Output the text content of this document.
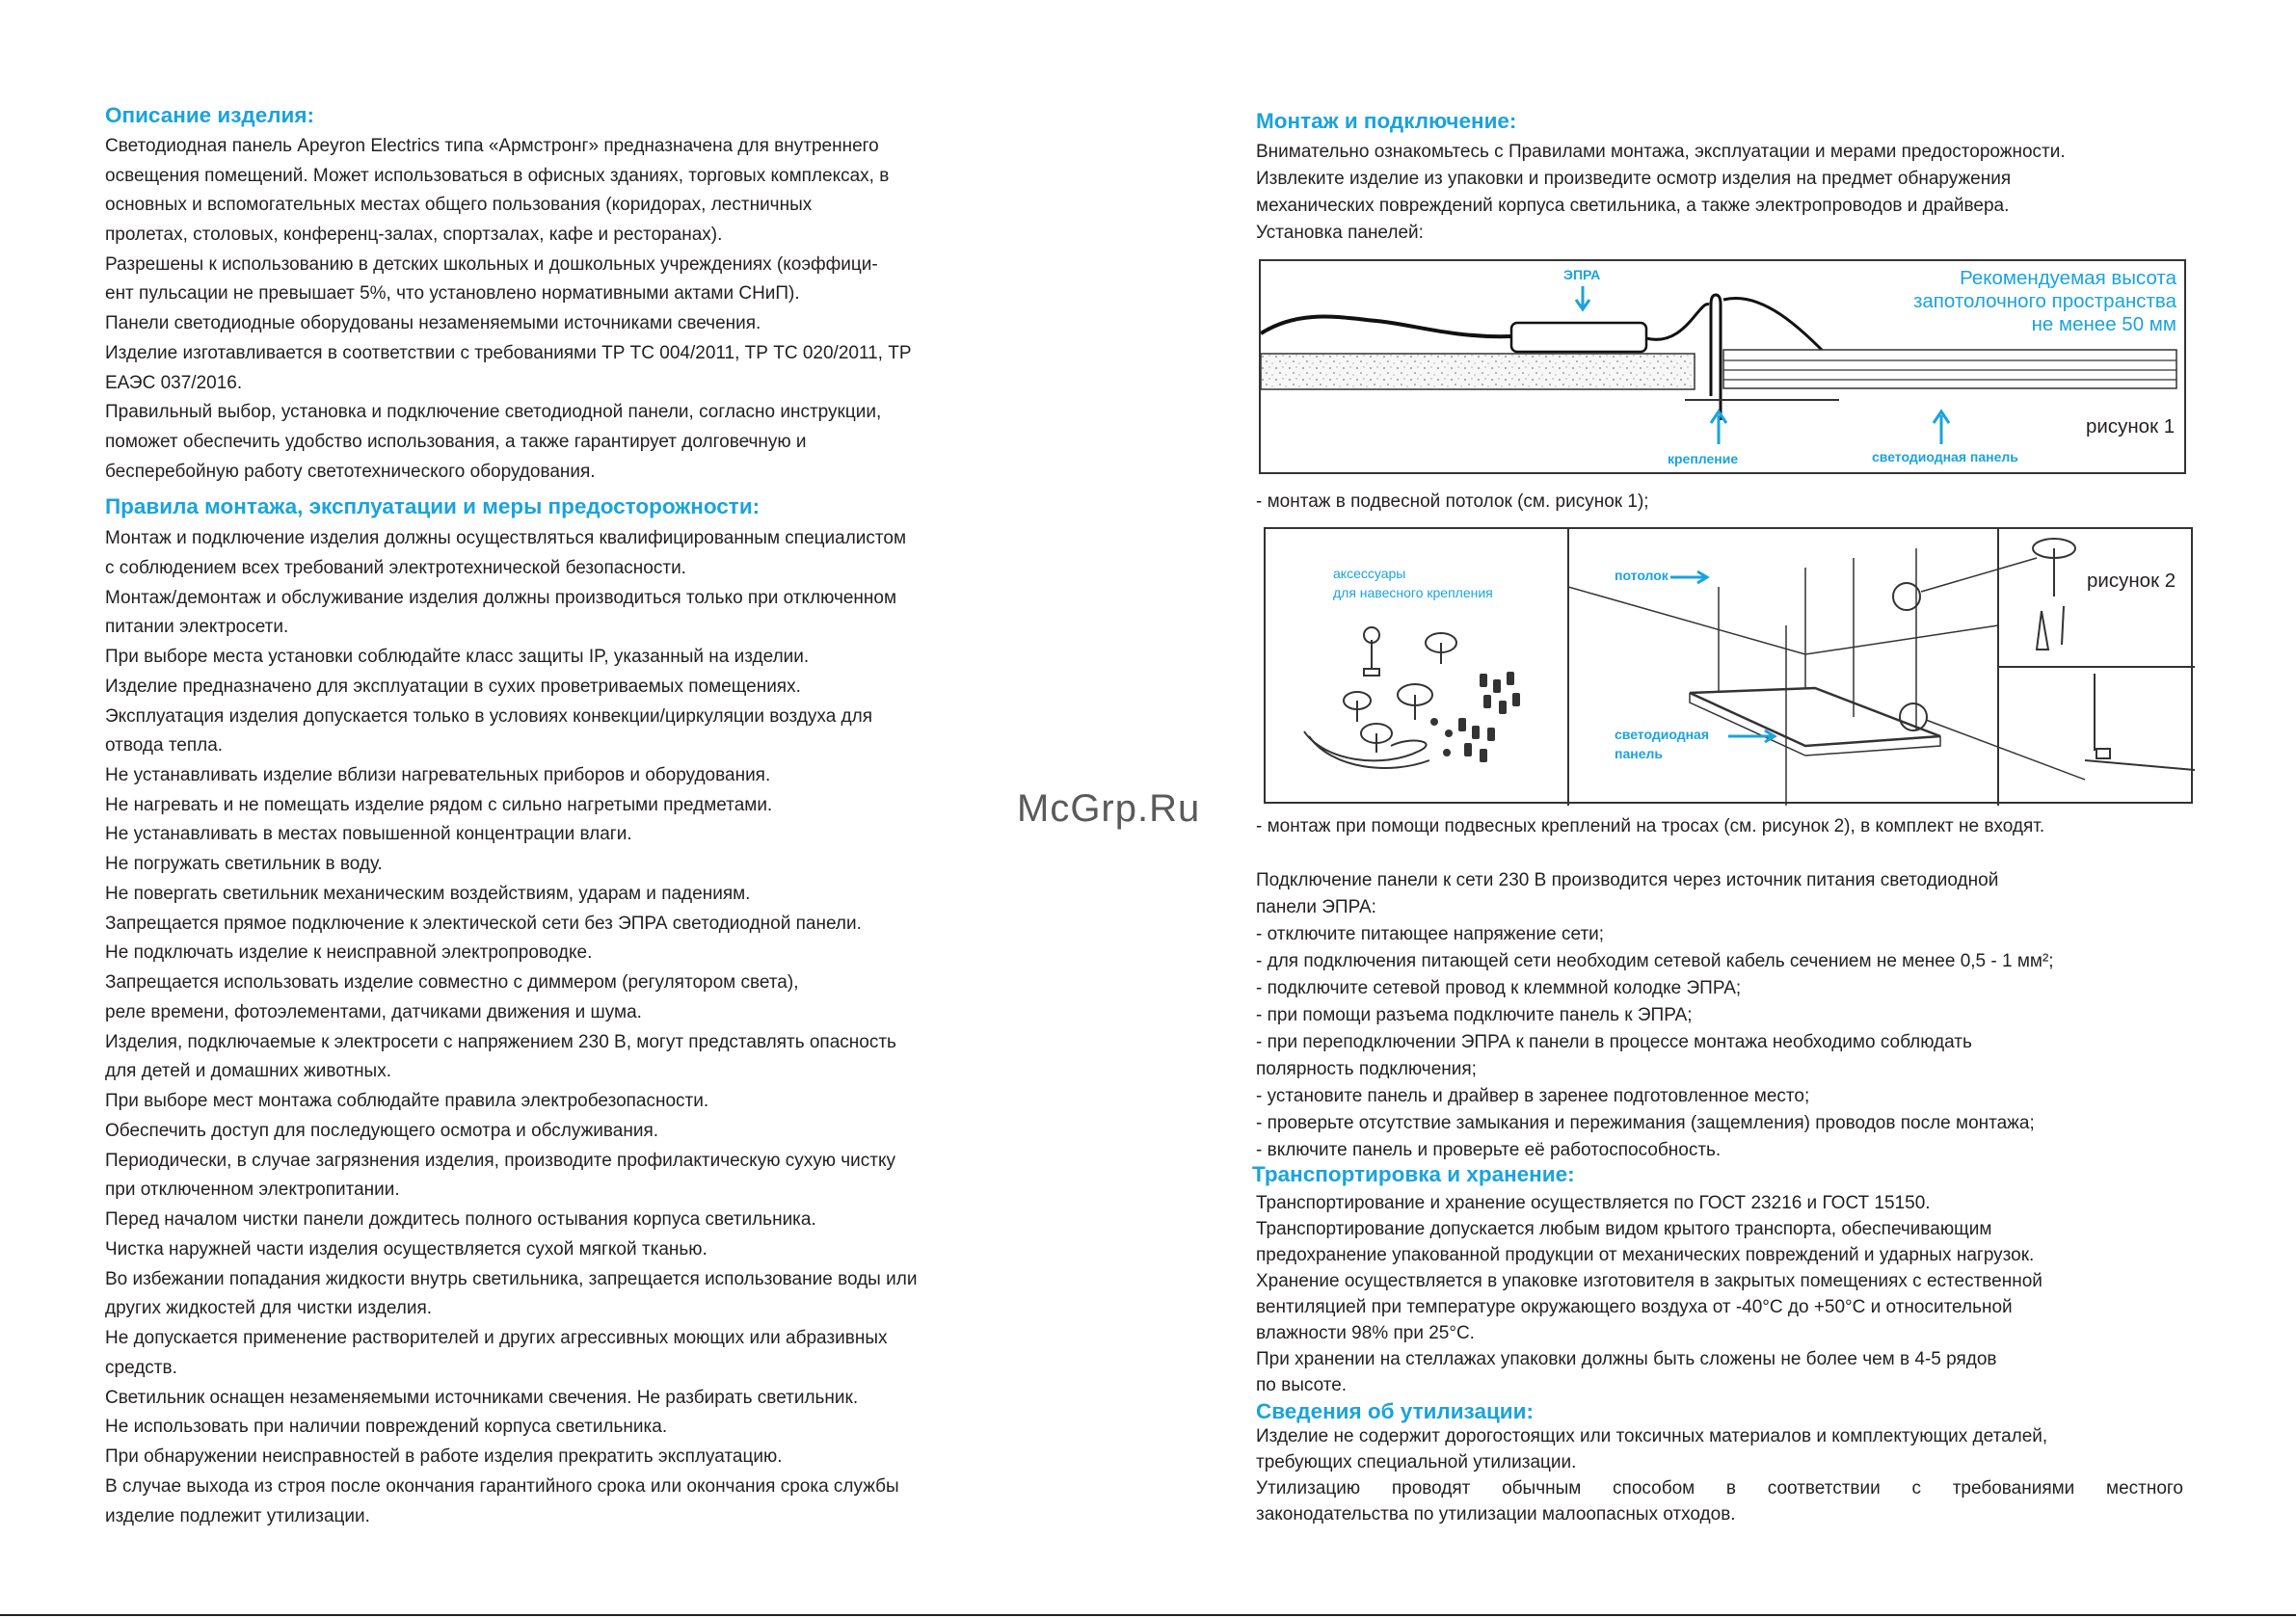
Описание изделия:
Светодиодная панель Apeyron Electrics типа «Армстронг» предназначена для внутреннего
освещения помещений. Может использоваться в офисных зданиях, торговых комплексах, в
основных и вспомогательных местах общего пользования (коридорах, лестничных
пролетах, столовых, конференц-залах, спортзалах, кафе и ресторанах).
Разрешены к использованию в детских школьных и дошкольных учреждениях (коэффици-
ент пульсации не превышает 5%, что установлено нормативными актами СНиП).
Панели светодиодные оборудованы незаменяемыми источниками свечения.
Изделие изготавливается в соответствии с требованиями ТР ТС 004/2011, ТР ТС 020/2011, ТР
ЕАЭС 037/2016.
Правильный выбор, установка и подключение светодиодной панели, согласно инструкции,
поможет обеспечить удобство использования, а также гарантирует долговечную и
бесперебойную работу светотехнического оборудования.
Правила монтажа, эксплуатации и меры предосторожности:
Монтаж и подключение изделия должны осуществляться квалифицированным специалистом
с соблюдением всех требований электротехнической безопасности.
Монтаж/демонтаж и обслуживание изделия должны производиться только при отключенном
питании электросети.
При выборе места установки соблюдайте класс защиты IP, указанный на изделии.
Изделие предназначено для эксплуатации в сухих проветриваемых помещениях.
Эксплуатация изделия допускается только в условиях конвекции/циркуляции воздуха для
отвода тепла.
Не устанавливать изделие вблизи нагревательных приборов и оборудования.
Не нагревать и не помещать изделие рядом с сильно нагретыми предметами.
Не устанавливать в местах повышенной концентрации влаги.
Не погружать светильник в воду.
Не повергать светильник механическим воздействиям, ударам и падениям.
Запрещается прямое подключение к электической сети без ЭПРА светодиодной панели.
Не подключать изделие к неисправной электропроводке.
Запрещается использовать изделие совместно с диммером (регулятором света),
реле времени, фотоэлементами, датчиками движения и шума.
Изделия, подключаемые к электросети с напряжением 230 В, могут представлять опасность
для детей и домашних животных.
При выборе мест монтажа соблюдайте правила электробезопасности.
Обеспечить доступ для последующего осмотра и обслуживания.
Периодически, в случае загрязнения изделия, производите профилактическую сухую чистку
при отключенном электропитании.
Перед началом чистки панели дождитесь полного остывания корпуса светильника.
Чистка наружней части изделия осуществляется сухой мягкой тканью.
Во избежании попадания жидкости внутрь светильника, запрещается использование воды или
других жидкостей для чистки изделия.
Не допускается применение растворителей и других агрессивных моющих или абразивных
средств.
Светильник оснащен незаменяемыми источниками свечения. Не разбирать светильник.
Не использовать при наличии повреждений корпуса светильника.
При обнаружении неисправностей в работе изделия прекратить эксплуатацию.
В случае выхода из строя после окончания гарантийного срока или окончания срока службы
изделие подлежит утилизации.
McGrp.Ru
Монтаж и подключение:
Внимательно ознакомьтесь с Правилами монтажа, эксплуатации и мерами предосторожности.
Извлеките изделие из упаковки и произведите осмотр изделия на предмет обнаружения
механических повреждений корпуса светильника, а также электропроводов и драйвера.
Установка панелей:
ЭПРА	Рекомендуемая высота
запотолочного пространства
не менее 50 мм
крепление	светодиодная панель
рисунок 1
- монтаж в подвесной потолок (см. рисунок 1);
аксессуары
для навесного крепления
потолок
светодиодная
панель
рисунок 2
- монтаж при помощи подвесных креплений на тросах (см. рисунок 2), в комплект не входят.
Подключение панели к сети 230 В производится через источник питания светодиодной
панели ЭПРА:
- отключите питающее напряжение сети;
- для подключения питающей сети необходим сетевой кабель сечением не менее 0,5 - 1 мм²;
- подключите сетевой провод к клеммной колодке ЭПРА;
- при помощи разъема подключите панель к ЭПРА;
- при переподключении ЭПРА к панели в процессе монтажа необходимо соблюдать
полярность подключения;
- установите панель и драйвер в заренее подготовленное место;
- проверьте отсутствие замыкания и пережимания (защемления) проводов после монтажа;
- включите панель и проверьте её работоспособность.
Транспортировка и хранение:
Транспортирование и хранение осуществляется по ГОСТ 23216 и ГОСТ 15150.
Транспортирование допускается любым видом крытого транспорта, обеспечивающим
предохранение упакованной продукции от механических повреждений и ударных нагрузок.
Хранение осуществляется в упаковке изготовителя в закрытых помещениях с естественной
вентиляцией при температуре окружающего воздуха от -40°С до +50°С и относительной
влажности 98% при 25°С.
При хранении на стеллажах упаковки должны быть сложены не более чем в 4-5 рядов
по высоте.
Сведения об утилизации:
Изделие не содержит дорогостоящих или токсичных материалов и комплектующих деталей,
требующих специальной утилизации.
Утилизацию проводят обычным способом в соответствии с требованиями местного
законодательства по утилизации малоопасных отходов.
